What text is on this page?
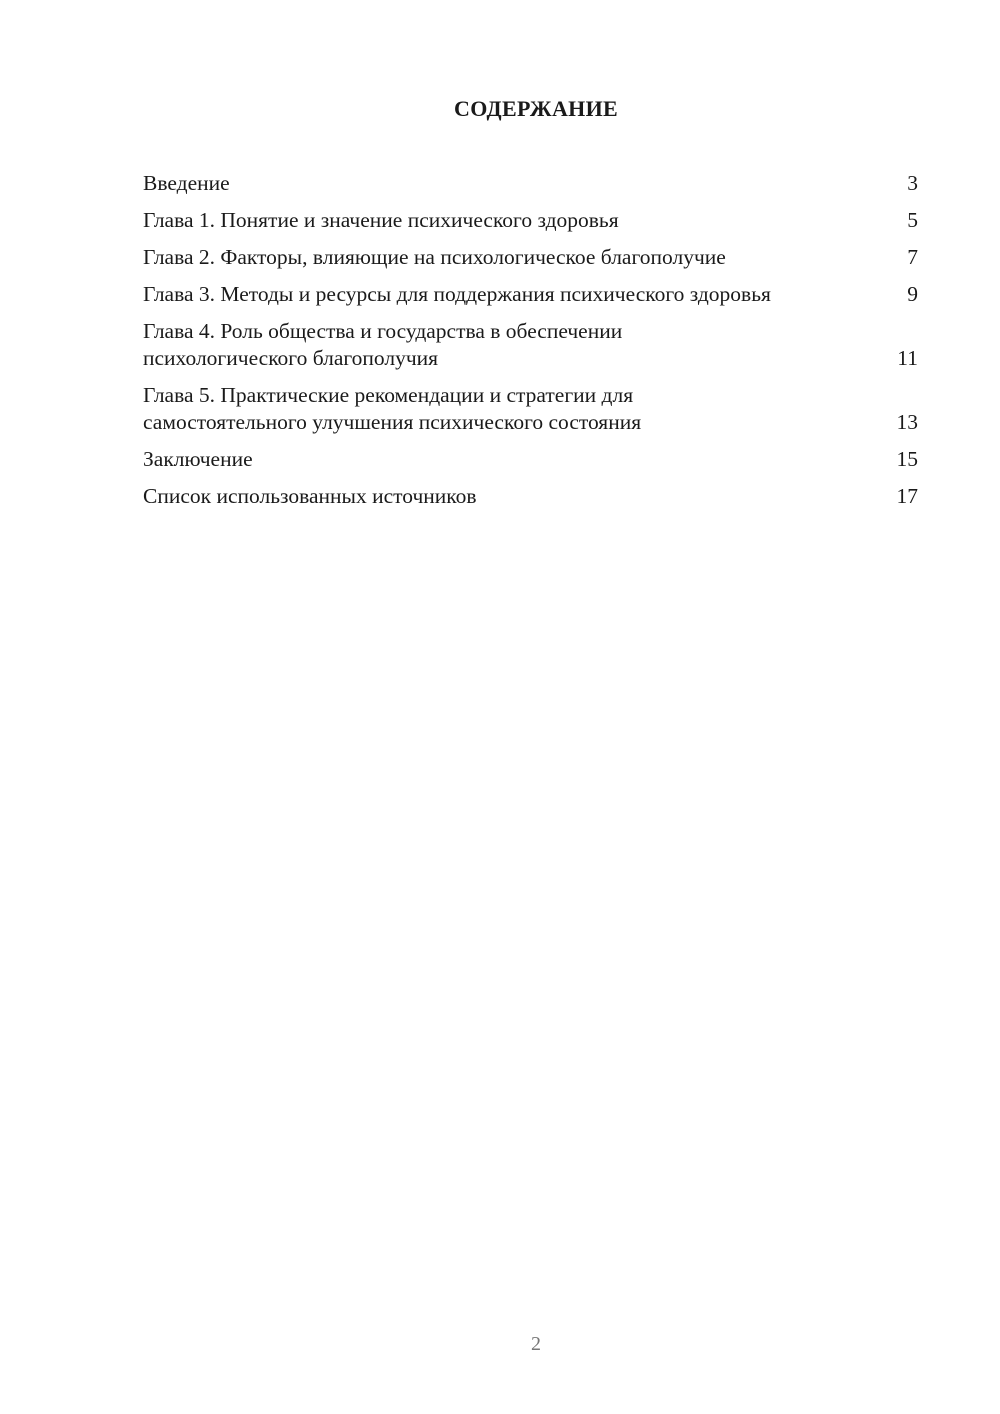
СОДЕРЖАНИЕ
Введение	3
Глава 1. Понятие и значение психического здоровья	5
Глава 2. Факторы, влияющие на психологическое благополучие	7
Глава 3. Методы и ресурсы для поддержания психического здоровья	9
Глава 4. Роль общества и государства в обеспечении психологического благополучия	11
Глава 5. Практические рекомендации и стратегии для самостоятельного улучшения психического состояния	13
Заключение	15
Список использованных источников	17
2
